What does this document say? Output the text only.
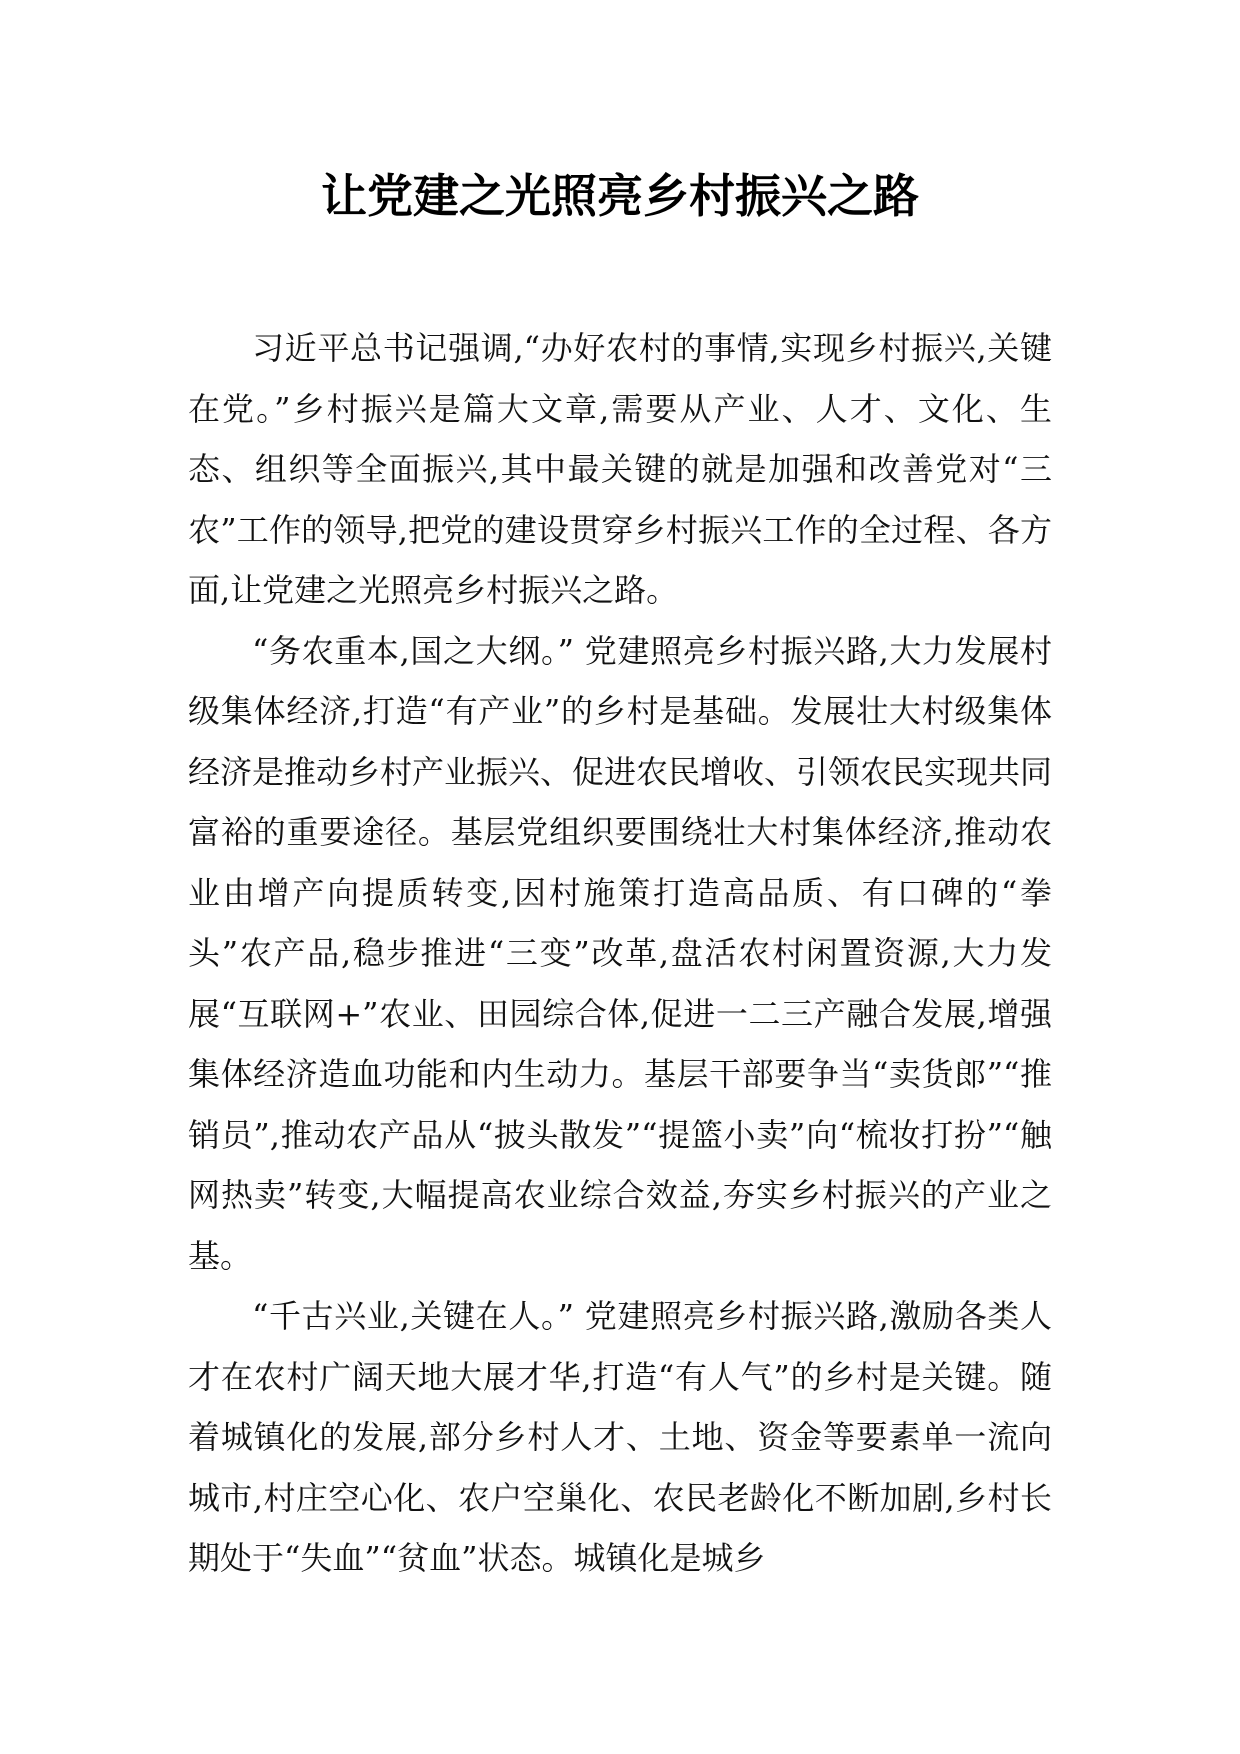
让党建之光照亮乡村振兴之路

习近平总书记强调,“办好农村的事情,实现乡村振兴,关键在党。”乡村振兴是篇大文章,需要从产业、人才、文化、生态、组织等全面振兴,其中最关键的就是加强和改善党对“三农”工作的领导,把党的建设贯穿乡村振兴工作的全过程、各方面,让党建之光照亮乡村振兴之路。

“务农重本,国之大纲。” 党建照亮乡村振兴路,大力发展村级集体经济,打造“有产业”的乡村是基础。发展壮大村级集体经济是推动乡村产业振兴、促进农民增收、引领农民实现共同富裕的重要途径。基层党组织要围绕壮大村集体经济,推动农业由增产向提质转变,因村施策打造高品质、有口碑的“拳头”农产品,稳步推进“三变”改革,盘活农村闲置资源,大力发展“互联网+”农业、田园综合体,促进一二三产融合发展,增强集体经济造血功能和内生动力。基层干部要争当“卖货郎”“推销员”,推动农产品从“披头散发”“提篮小卖”向“梳妆打扮”“触网热卖”转变,大幅提高农业综合效益,夯实乡村振兴的产业之基。

“千古兴业,关键在人。” 党建照亮乡村振兴路,激励各类人才在农村广阔天地大展才华,打造“有人气”的乡村是关键。随着城镇化的发展,部分乡村人才、土地、资金等要素单一流向城市,村庄空心化、农户空巢化、农民老龄化不断加剧,乡村长期处于“失血”“贫血”状态。城镇化是城乡
